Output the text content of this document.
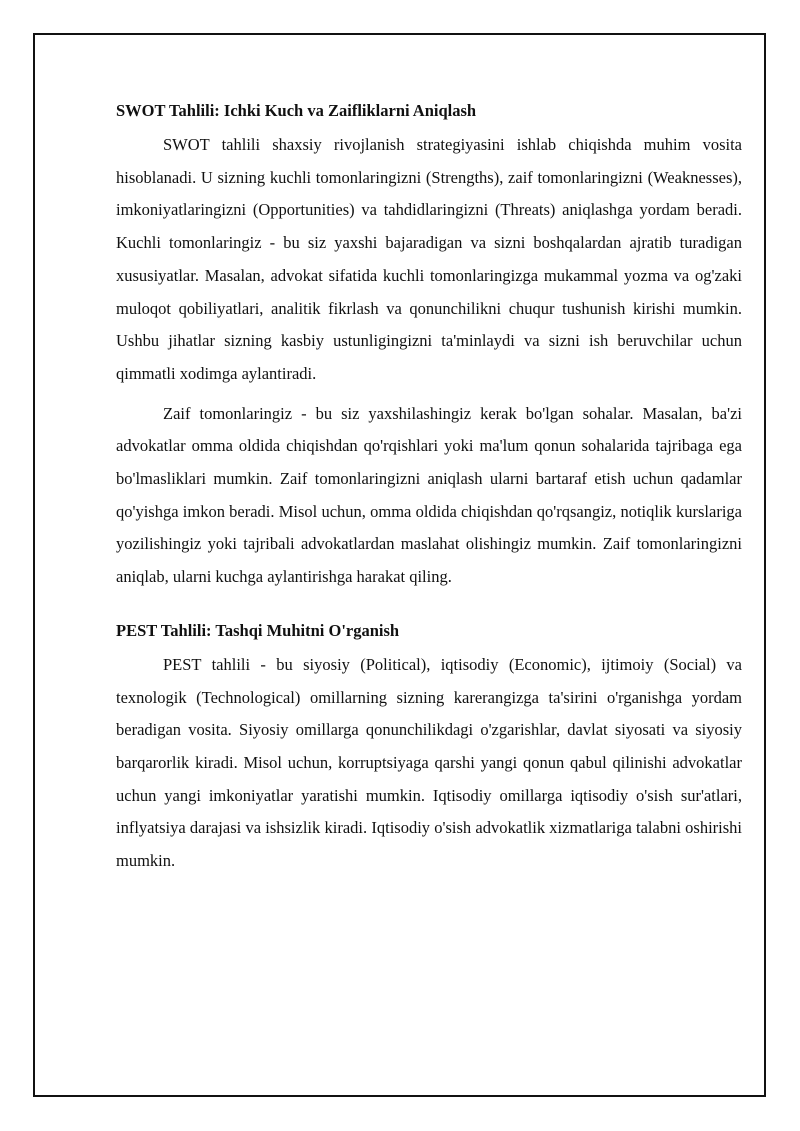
SWOT Tahlili: Ichki Kuch va Zaifliklarni Aniqlash

SWOT tahlili shaxsiy rivojlanish strategiyasini ishlab chiqishda muhim vosita hisoblanadi. U sizning kuchli tomonlaringizni (Strengths), zaif tomonlaringizni (Weaknesses), imkoniyatlaringizni (Opportunities) va tahdidlaringizni (Threats) aniqlashga yordam beradi. Kuchli tomonlaringiz - bu siz yaxshi bajaradigan va sizni boshqalardan ajratib turadigan xususiyatlar. Masalan, advokat sifatida kuchli tomonlaringizga mukammal yozma va og'zaki muloqot qobiliyatlari, analitik fikrlash va qonunchilikni chuqur tushunish kirishi mumkin. Ushbu jihatlar sizning kasbiy ustunligingizni ta'minlaydi va sizni ish beruvchilar uchun qimmatli xodimga aylantiradi.

Zaif tomonlaringiz - bu siz yaxshilashingiz kerak bo'lgan sohalar. Masalan, ba'zi advokatlar omma oldida chiqishdan qo'rqishlari yoki ma'lum qonun sohalarida tajribaga ega bo'lmasliklari mumkin. Zaif tomonlaringizni aniqlash ularni bartaraf etish uchun qadamlar qo'yishga imkon beradi. Misol uchun, omma oldida chiqishdan qo'rqsangiz, notiqlik kurslariga yozilishingiz yoki tajribali advokatlardan maslahat olishingiz mumkin. Zaif tomonlaringizni aniqlab, ularni kuchga aylantirishga harakat qiling.

PEST Tahlili: Tashqi Muhitni O'rganish

PEST tahlili - bu siyosiy (Political), iqtisodiy (Economic), ijtimoiy (Social) va texnologik (Technological) omillarning sizning karerangizga ta'sirini o'rganishga yordam beradigan vosita. Siyosiy omillarga qonunchilikdagi o'zgarishlar, davlat siyosati va siyosiy barqarorlik kiradi. Misol uchun, korruptsiyaga qarshi yangi qonun qabul qilinishi advokatlar uchun yangi imkoniyatlar yaratishi mumkin. Iqtisodiy omillarga iqtisodiy o'sish sur'atlari, inflyatsiya darajasi va ishsizlik kiradi. Iqtisodiy o'sish advokatlik xizmatlariga talabni oshirishi mumkin.
